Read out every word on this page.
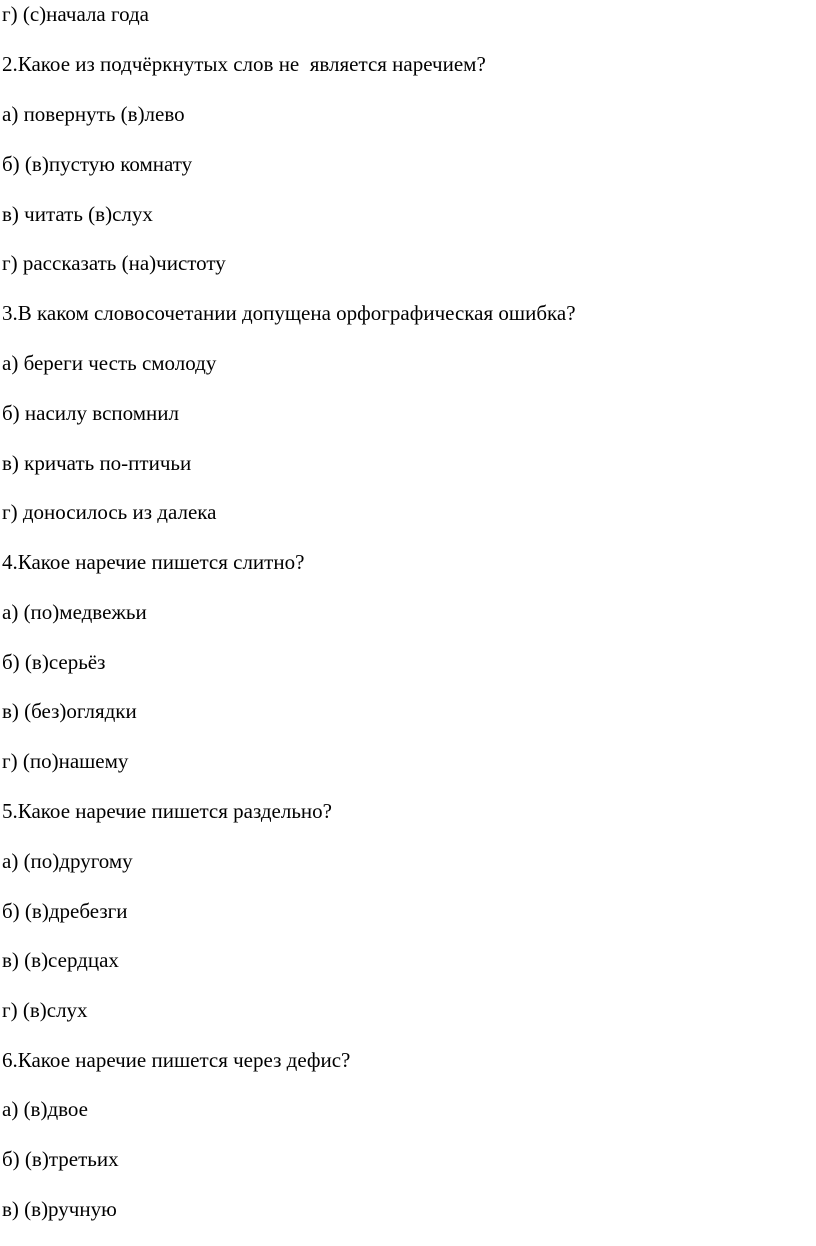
г) (с)начала года
2.Какое из подчёркнутых слов не  является наречием?
а) повернуть (в)лево
б) (в)пустую комнату
в) читать (в)слух
г) рассказать (на)чистоту
3.В каком словосочетании допущена орфографическая ошибка?
а) береги честь смолоду
б) насилу вспомнил
в) кричать по-птичьи
г) доносилось из далека
4.Какое наречие пишется слитно?
а) (по)медвежьи
б) (в)серьёз
в) (без)оглядки
г) (по)нашему
5.Какое наречие пишется раздельно?
а) (по)другому
б) (в)дребезги
в) (в)сердцах
г) (в)слух
6.Какое наречие пишется через дефис?
а) (в)двое
б) (в)третьих
в) (в)ручную
